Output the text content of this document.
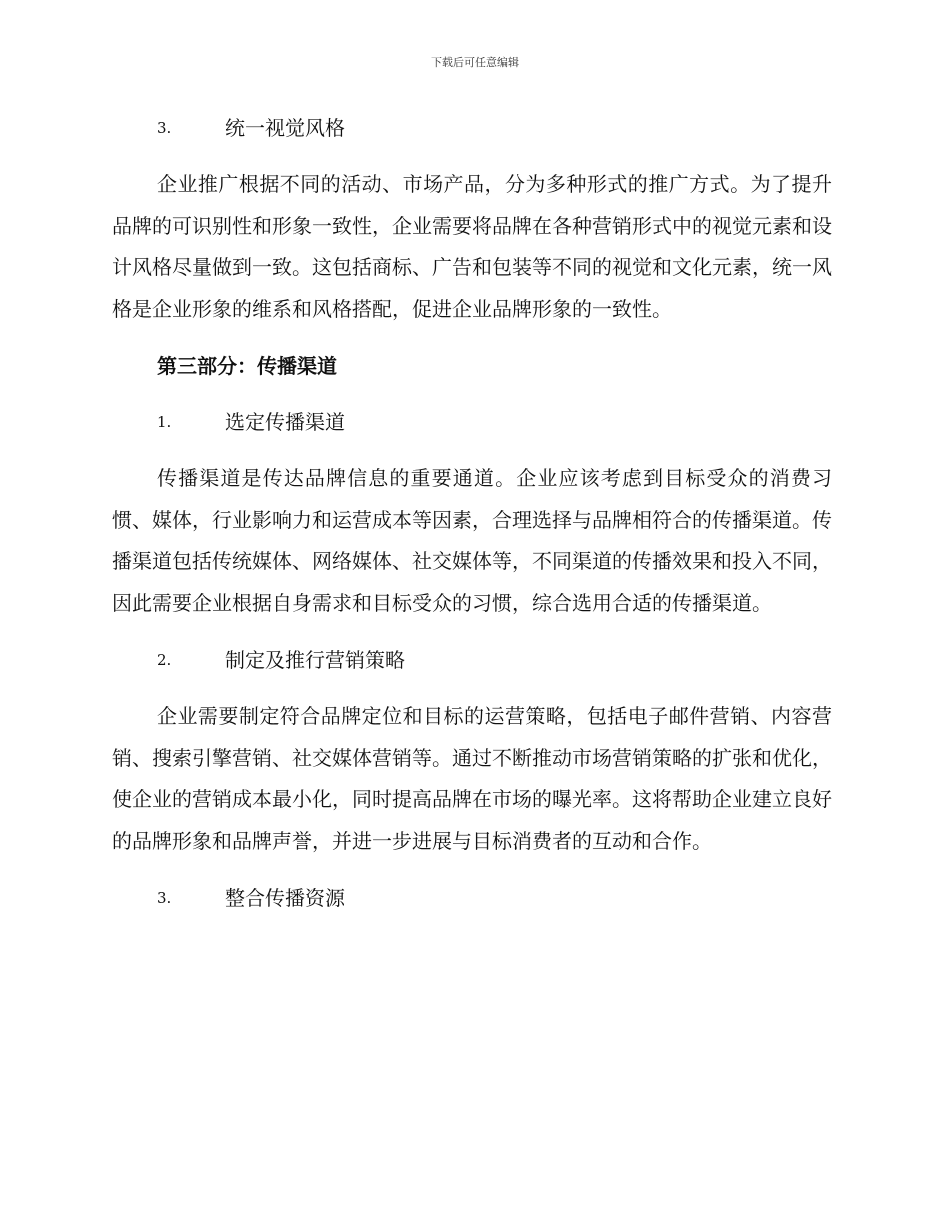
下载后可任意编辑
3.	统一视觉风格

企业推广根据不同的活动、市场产品，分为多种形式的推广方式。为了提升品牌的可识别性和形象一致性，企业需要将品牌在各种营销形式中的视觉元素和设计风格尽量做到一致。这包括商标、广告和包装等不同的视觉和文化元素，统一风格是企业形象的维系和风格搭配，促进企业品牌形象的一致性。

第三部分：传播渠道
1.	选定传播渠道

传播渠道是传达品牌信息的重要通道。企业应该考虑到目标受众的消费习惯、媒体，行业影响力和运营成本等因素，合理选择与品牌相符合的传播渠道。传播渠道包括传统媒体、网络媒体、社交媒体等，不同渠道的传播效果和投入不同，因此需要企业根据自身需求和目标受众的习惯，综合选用合适的传播渠道。

2.	制定及推行营销策略

企业需要制定符合品牌定位和目标的运营策略，包括电子邮件营销、内容营销、搜索引擎营销、社交媒体营销等。通过不断推动市场营销策略的扩张和优化，使企业的营销成本最小化，同时提高品牌在市场的曝光率。这将帮助企业建立良好的品牌形象和品牌声誉，并进一步进展与目标消费者的互动和合作。

3.	整合传播资源
